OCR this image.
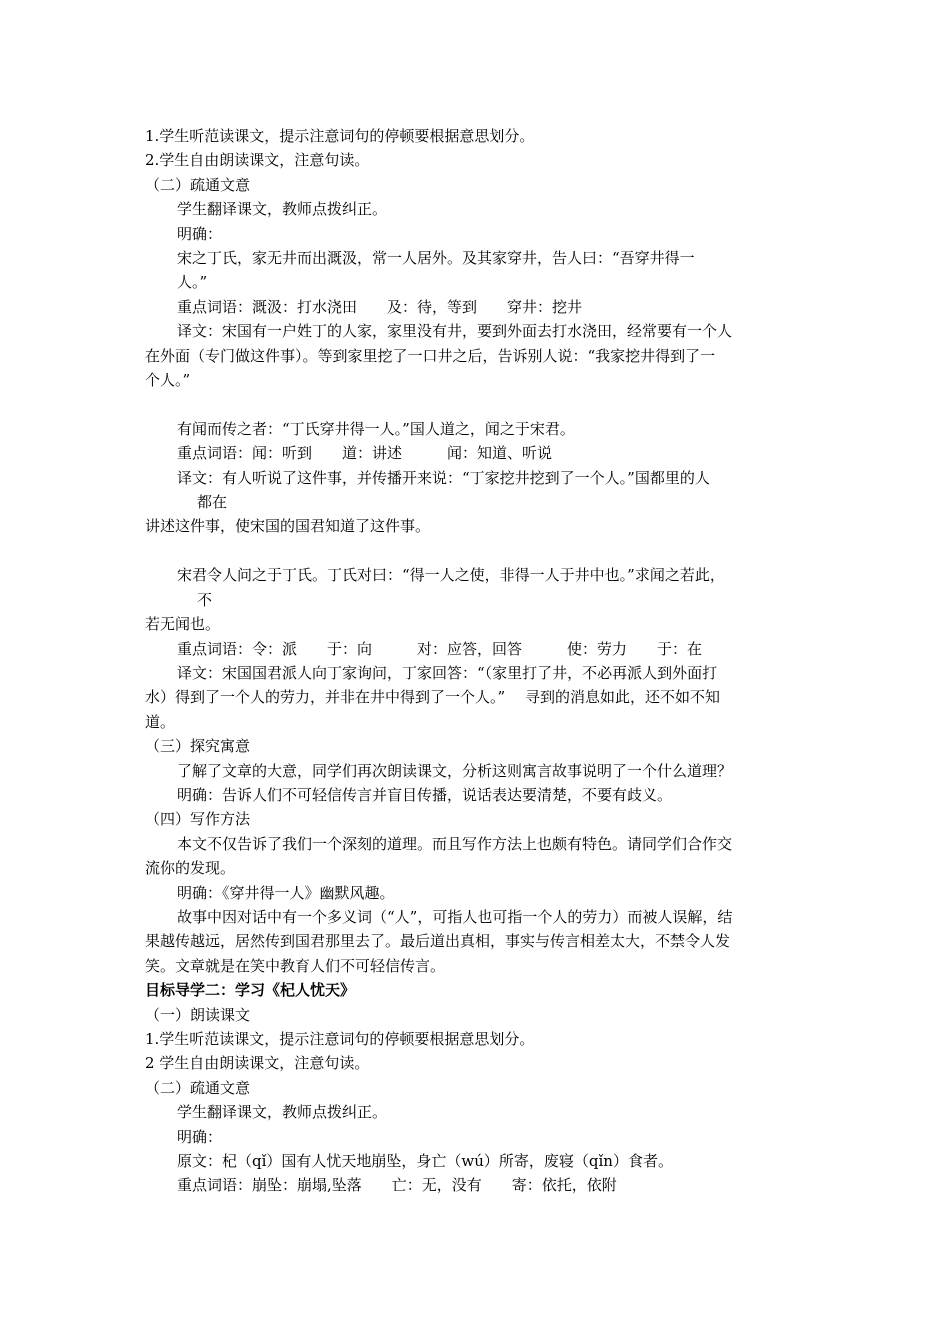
1.学生听范读课文，提示注意词句的停顿要根据意思划分。
2.学生自由朗读课文，注意句读。
（二）疏通文意
学生翻译课文，教师点拨纠正。
明确：
宋之丁氏，家无井而出溉汲，常一人居外。及其家穿井，告人曰：“吾穿井得一
人。”
重点词语：溉汲：打水浇田　　及：待，等到　　穿井：挖井
译文：宋国有一户姓丁的人家，家里没有井，要到外面去打水浇田，经常要有一个人
在外面（专门做这件事）。等到家里挖了一口井之后，告诉别人说：“我家挖井得到了一
个人。”
有闻而传之者：“丁氏穿井得一人。”国人道之，闻之于宋君。
重点词语：闻：听到　　道：讲述　　　闻：知道、听说
译文：有人听说了这件事，并传播开来说：“丁家挖井挖到了一个人。”国都里的人
都在
讲述这件事，使宋国的国君知道了这件事。
宋君令人问之于丁氏。丁氏对曰：“得一人之使，非得一人于井中也。”求闻之若此，
不
若无闻也。
重点词语：令：派　　于：向　　　对：应答，回答　　　使：劳力　　于：在
译文：宋国国君派人向丁家询问，丁家回答：“（家里打了井，不必再派人到外面打
水）得到了一个人的劳力，并非在井中得到了一个人。”　 寻到的消息如此，还不如不知
道。
（三）探究寓意
了解了文章的大意，同学们再次朗读课文，分析这则寓言故事说明了一个什么道理？
明确：告诉人们不可轻信传言并盲目传播，说话表达要清楚，不要有歧义。
（四）写作方法
本文不仅告诉了我们一个深刻的道理。而且写作方法上也颇有特色。请同学们合作交
流你的发现。
明确：《穿井得一人》幽默风趣。
故事中因对话中有一个多义词（“人”，可指人也可指一个人的劳力）而被人误解，结
果越传越远，居然传到国君那里去了。最后道出真相，事实与传言相差太大，不禁令人发
笑。文章就是在笑中教育人们不可轻信传言。
目标导学二：学习《杞人忧天》
（一）朗读课文
1.学生听范读课文，提示注意词句的停顿要根据意思划分。
2 学生自由朗读课文，注意句读。
（二）疏通文意
学生翻译课文，教师点拨纠正。
明确：
原文：杞（qǐ）国有人忧天地崩坠，身亡（wú）所寄，废寝（qǐn）食者。
重点词语：崩坠：崩塌,坠落　　亡：无，没有　　寄：依托，依附
